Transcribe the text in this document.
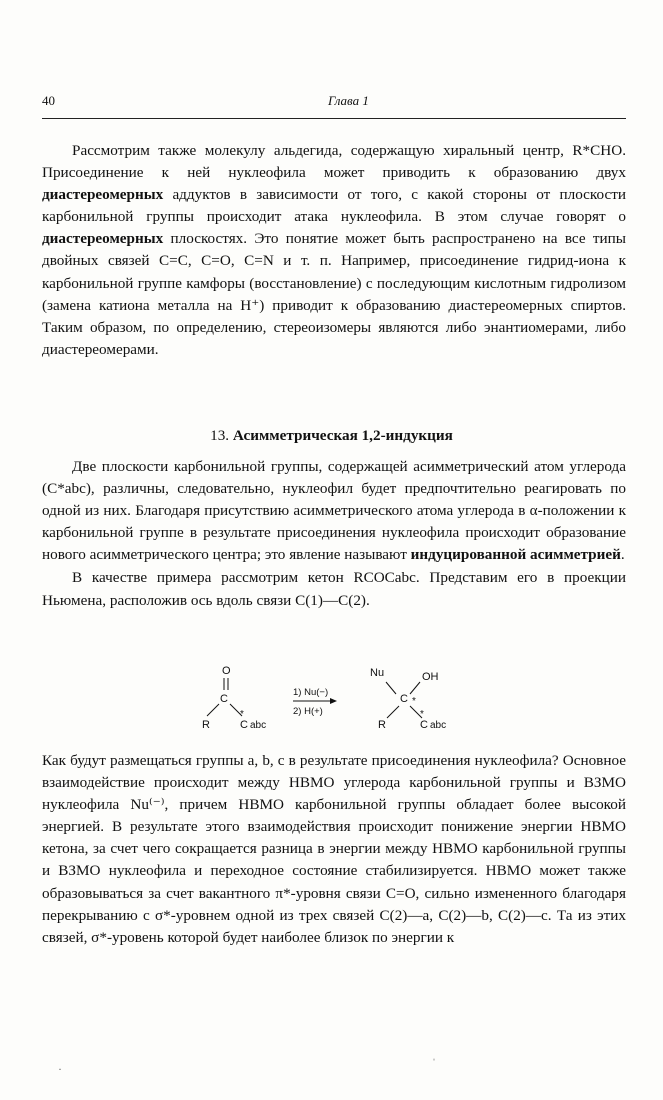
40	Глава 1

Рассмотрим также молекулу альдегида, содержащую хиральный центр, R*CHO. Присоединение к ней нуклеофила может приводить к образованию двух диастереомерных аддуктов в зависимости от того, с какой стороны от плоскости карбонильной группы происходит атака нуклеофила. В этом случае говорят о диастереомерных плоскостях. Это понятие может быть распространено на все типы двойных связей C=C, C=O, C=N и т. п. Например, присоединение гидрид-иона к карбонильной группе камфоры (восстановление) с последующим кислотным гидролизом (замена катиона металла на H⁺) приводит к образованию диастереомерных спиртов. Таким образом, по определению, стереоизомеры являются либо энантиомерами, либо диастереомерами.

13. Асимметрическая 1,2-индукция

Две плоскости карбонильной группы, содержащей асимметрический атом углерода (C*abc), различны, следовательно, нуклеофил будет предпочтительно реагировать по одной из них. Благодаря присутствию асимметрического атома углерода в α-положении к карбонильной группе в результате присоединения нуклеофила происходит образование нового асимметрического центра; это явление называют индуцированной асимметрией.

В качестве примера рассмотрим кетон RCOCabc. Представим его в проекции Ньюмена, расположив ось вдоль связи C(1)—C(2).

O
C
R
*
C abc
1) Nu(−)
2) H(+)
Nu	OH
C *
R
*
C abc

Как будут размещаться группы a, b, c в результате присоединения нуклеофила? Основное взаимодействие происходит между НВМО углерода карбонильной группы и ВЗМО нуклеофила Nu⁽⁻⁾, причем НВМО карбонильной группы обладает более высокой энергией. В результате этого взаимодействия происходит понижение энергии НВМО кетона, за счет чего сокращается разница в энергии между НВМО карбонильной группы и ВЗМО нуклеофила и переходное состояние стабилизируется. НВМО может также образовываться за счет вакантного π*-уровня связи C=O, сильно измененного благодаря перекрыванию с σ*-уровнем одной из трех связей C(2)—a, C(2)—b, C(2)—c. Та из этих связей, σ*-уровень которой будет наиболее близок по энергии к

·	ˈ
